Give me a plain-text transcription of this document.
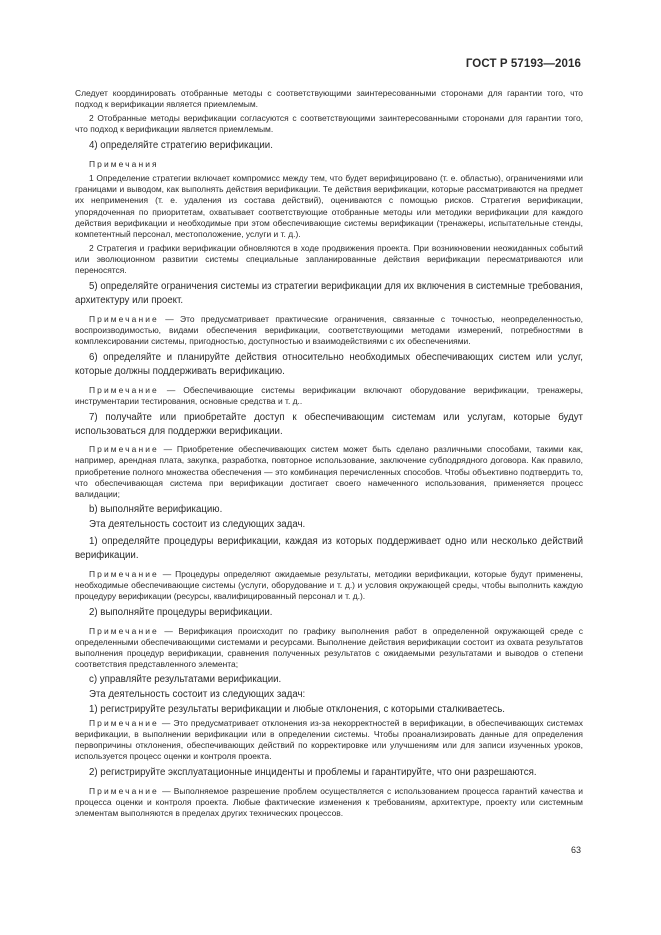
ГОСТ Р 57193—2016

Следует координировать отобранные методы с соответствующими заинтересованными сторонами для гарантии того, что подход к верификации является приемлемым.

2 Отобранные методы верификации согласуются с соответствующими заинтересованными сторонами для гарантии того, что подход к верификации является приемлемым.

4) определяйте стратегию верификации.

Примечания

1 Определение стратегии включает компромисс между тем, что будет верифицировано (т. е. областью), ограничениями или границами и выводом, как выполнять действия верификации. Те действия верификации, которые рассматриваются на предмет их неприменения (т. е. удаления из состава действий), оцениваются с помощью рисков. Стратегия верификации, упорядоченная по приоритетам, охватывает соответствующие отобранные методы или методики верификации для каждого действия верификации и необходимые при этом обеспечивающие системы верификации (тренажеры, испытательные стенды, компетентный персонал, местоположение, услуги и т. д.).

2 Стратегия и графики верификации обновляются в ходе продвижения проекта. При возникновении неожиданных событий или эволюционном развитии системы специальные запланированные действия верификации пересматриваются или переносятся.

5) определяйте ограничения системы из стратегии верификации для их включения в системные требования, архитектуру или проект.

Примечание — Это предусматривает практические ограничения, связанные с точностью, неопределенностью, воспроизводимостью, видами обеспечения верификации, соответствующими методами измерений, потребностями в комплексировании системы, пригодностью, доступностью и взаимодействиями с их обеспечениями.

6) определяйте и планируйте действия относительно необходимых обеспечивающих систем или услуг, которые должны поддерживать верификацию.

Примечание — Обеспечивающие системы верификации включают оборудование верификации, тренажеры, инструментарии тестирования, основные средства и т. д..

7) получайте или приобретайте доступ к обеспечивающим системам или услугам, которые будут использоваться для поддержки верификации.

Примечание — Приобретение обеспечивающих систем может быть сделано различными способами, такими как, например, арендная плата, закупка, разработка, повторное использование, заключение субподрядного договора. Как правило, приобретение полного множества обеспечения — это комбинация перечисленных способов. Чтобы объективно подтвердить то, что обеспечивающая система при верификации достигает своего намеченного использования, применяется процесс валидации;

b) выполняйте верификацию.

Эта деятельность состоит из следующих задач.

1) определяйте процедуры верификации, каждая из которых поддерживает одно или несколько действий верификации.

Примечание — Процедуры определяют ожидаемые результаты, методики верификации, которые будут применены, необходимые обеспечивающие системы (услуги, оборудование и т. д.) и условия окружающей среды, чтобы выполнить каждую процедуру верификации (ресурсы, квалифицированный персонал и т. д.).

2) выполняйте процедуры верификации.

Примечание — Верификация происходит по графику выполнения работ в определенной окружающей среде с определенными обеспечивающими системами и ресурсами. Выполнение действия верификации состоит из охвата результатов выполнения процедур верификации, сравнения полученных результатов с ожидаемыми результатами и выводов о степени соответствия представленного элемента;

c) управляйте результатами верификации.

Эта деятельность состоит из следующих задач:

1) регистрируйте результаты верификации и любые отклонения, с которыми сталкиваетесь.

Примечание — Это предусматривает отклонения из-за некорректностей в верификации, в обеспечивающих системах верификации, в выполнении верификации или в определении системы. Чтобы проанализировать данные для определения первопричины отклонения, обеспечивающих действий по корректировке или улучшениям или для записи изученных уроков, используется процесс оценки и контроля проекта.

2) регистрируйте эксплуатационные инциденты и проблемы и гарантируйте, что они разрешаются.

Примечание — Выполняемое разрешение проблем осуществляется с использованием процесса гарантий качества и процесса оценки и контроля проекта. Любые фактические изменения к требованиям, архитектуре, проекту или системным элементам выполняются в пределах других технических процессов.

63
